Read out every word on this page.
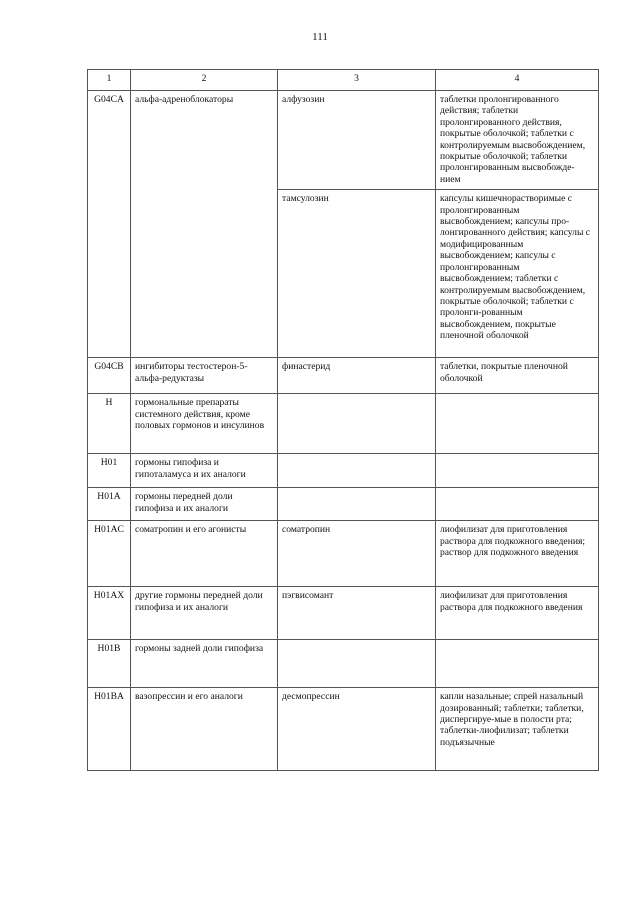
111
1	2	3	4
G04CA	альфа-адреноблокаторы	алфузозин	таблетки пролонгированного действия; таблетки пролонгированного действия, покрытые оболочкой; таблетки с контролируемым высвобождением, покрытые оболочкой; таблетки пролонгированным высвобожде-нием
		тамсулозин	капсулы кишечнорастворимые с пролонгированным высвобождением; капсулы про-лонгированного действия; капсулы с модифицированным высвобождением; капсулы с пролонгированным высвобождением; таблетки с контролируемым высвобождением, покрытые оболочкой; таблетки с пролонги-рованным высвобождением, покрытые пленочной оболочкой
G04CB	ингибиторы тестостерон-5-альфа-редуктазы	финастерид	таблетки, покрытые пленочной оболочкой
H	гормональные препараты системного действия, кроме половых гормонов и инсулинов		
H01	гормоны гипофиза и гипоталамуса и их аналоги		
H01A	гормоны передней доли гипофиза и их аналоги		
H01AC	соматропин и его агонисты	соматропин	лиофилизат для приготовления раствора для подкожного введения;
раствор для подкожного введения

H01AX	другие гормоны передней доли гипофиза и их аналоги	пэгвисомант	лиофилизат для приготовления раствора для подкожного введения
H01B	гормоны задней доли гипофиза		
H01BA	вазопрессин и его аналоги	десмопрессин	капли назальные; спрей назальный дозированный; таблетки; таблетки, диспергируе-мые в полости рта; таблетки-лиофилизат; таблетки подъязычные
